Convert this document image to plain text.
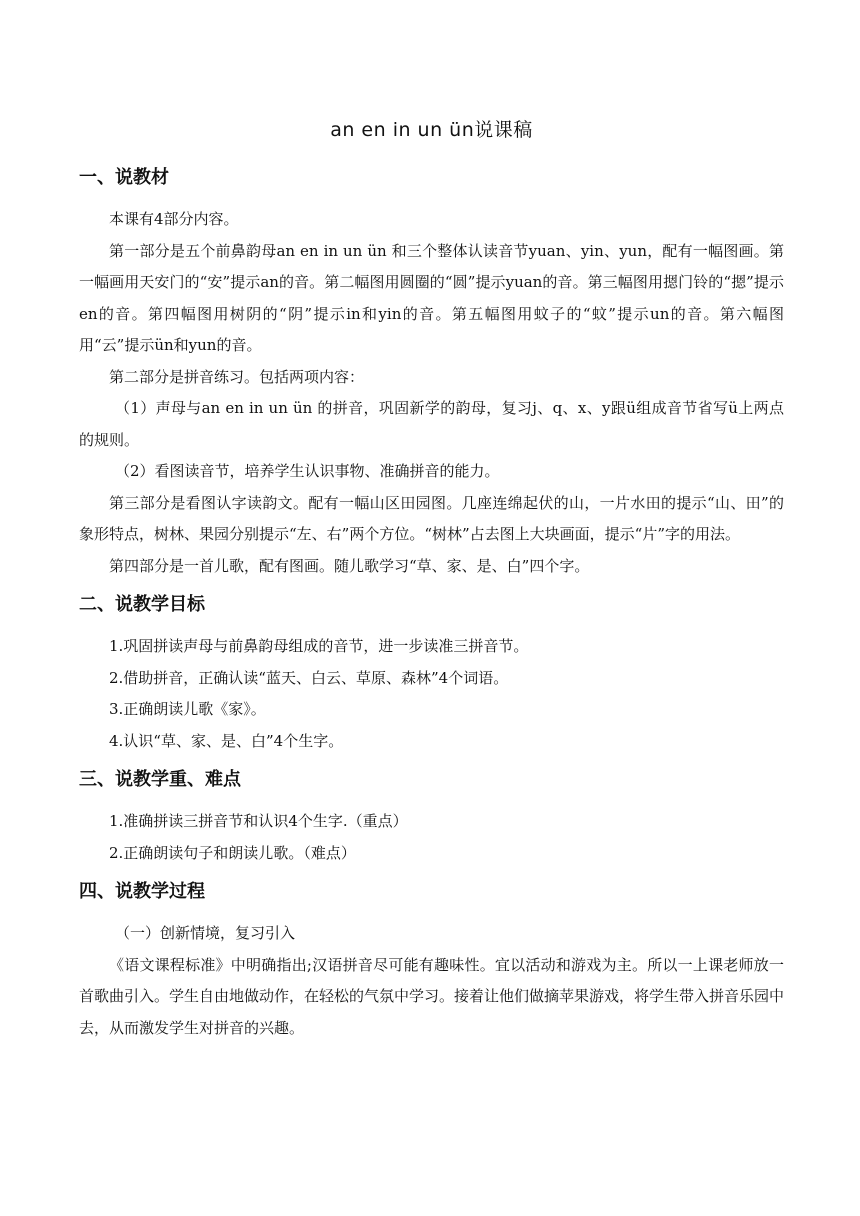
an en in un ün说课稿
一、说教材

本课有4部分内容。

第一部分是五个前鼻韵母an en in un ün 和三个整体认读音节yuan、yin、yun，配有一幅图画。第一幅画用天安门的“安”提示an的音。第二幅图用圆圈的“圆”提示yuan的音。第三幅图用摁门铃的“摁”提示en的音。第四幅图用树阴的“阴”提示in和yin的音。第五幅图用蚊子的“蚊”提示un的音。第六幅图用“云”提示ün和yun的音。

第二部分是拼音练习。包括两项内容：

（1）声母与an en in un ün 的拼音，巩固新学的韵母，复习j、q、x、y跟ü组成音节省写ü上两点的规则。

（2）看图读音节，培养学生认识事物、准确拼音的能力。

第三部分是看图认字读韵文。配有一幅山区田园图。几座连绵起伏的山，一片水田的提示“山、田”的象形特点，树林、果园分别提示“左、右”两个方位。“树林”占去图上大块画面，提示“片”字的用法。

第四部分是一首儿歌，配有图画。随儿歌学习“草、家、是、白”四个字。

二、说教学目标

1.巩固拼读声母与前鼻韵母组成的音节，进一步读准三拼音节。

2.借助拼音，正确认读“蓝天、白云、草原、森林”4个词语。

3.正确朗读儿歌《家》。

4.认识“草、家、是、白”4个生字。

三、说教学重、难点

1.准确拼读三拼音节和认识4个生字.（重点）

2.正确朗读句子和朗读儿歌。（难点）

四、说教学过程

（一）创新情境，复习引入

《语文课程标准》中明确指出;汉语拼音尽可能有趣味性。宜以活动和游戏为主。所以一上课老师放一首歌曲引入。学生自由地做动作，在轻松的气氛中学习。接着让他们做摘苹果游戏，将学生带入拼音乐园中去，从而激发学生对拼音的兴趣。
